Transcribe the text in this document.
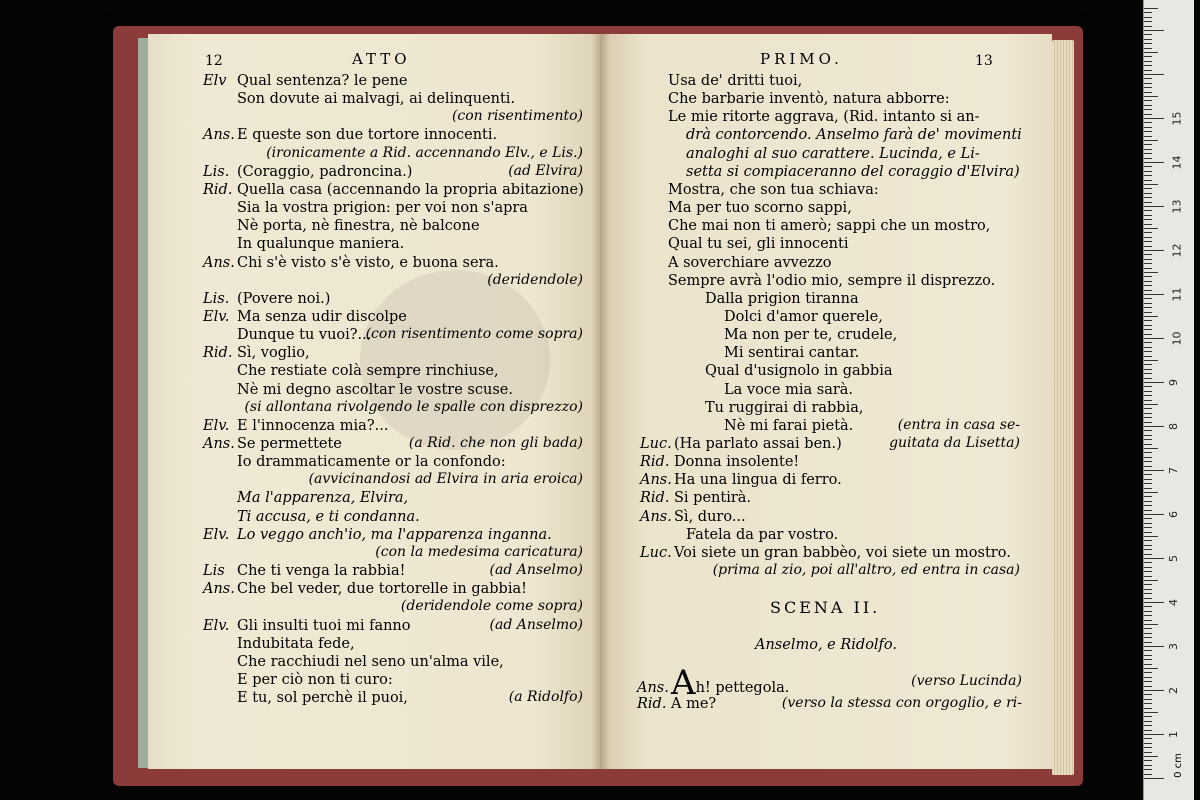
12	ATTO	PRIMO.	13
Elv Qual sentenza? le pene
Son dovute ai malvagi, ai delinquenti.
(con risentimento)
Ans. E queste son due tortore innocenti.
(ironicamente a Rid. accennando Elv., e Lis.)
Lis. (Coraggio, padroncina.)	(ad Elvira)
Rid. Quella casa (accennando la propria abitazione)
Sia la vostra prigion: per voi non s'apra
Nè porta, nè finestra, nè balcone
In qualunque maniera.
Ans. Chi s'è visto s'è visto, e buona sera.
(deridendole)
Lis. (Povere noi.)
Elv. Ma senza udir discolpe
Dunque tu vuoi?...
(con risentimento come sopra)
Rid. Sì, voglio,
Che restiate colà sempre rinchiuse,
Nè mi degno ascoltar le vostre scuse.
(si allontana rivolgendo le spalle con disprezzo)
Elv. E l'innocenza mia?...
Ans. Se permettete	(a Rid. che non gli bada)
Io drammaticamente or la confondo:
(avvicinandosi ad Elvira in aria eroica)
Ma l'apparenza, Elvira,
Ti accusa, e ti condanna.
Elv. Lo veggo anch'io, ma l'apparenza inganna.
(con la medesima caricatura)
Lis Che ti venga la rabbia!	(ad Anselmo)
Ans. Che bel veder, due tortorelle in gabbia!
(deridendole come sopra)
Elv. Gli insulti tuoi mi fanno	(ad Anselmo)
Indubitata fede,
Che racchiudi nel seno un'alma vile,
E per ciò non ti curo:
E tu, sol perchè il puoi,	(a Ridolfo)
Usa de' dritti tuoi,
Che barbarie inventò, natura abborre:
Le mie ritorte aggrava, (Rid. intanto si an-
drà contorcendo. Anselmo farà de' movimenti
analoghi al suo carattere. Lucinda, e Li-
setta si compiaceranno del coraggio d'Elvira)
Mostra, che son tua schiava:
Ma per tuo scorno sappi,
Che mai non ti amerò; sappi che un mostro,
Qual tu sei, gli innocenti
A soverchiare avvezzo
Sempre avrà l'odio mio, sempre il disprezzo.
Dalla prigion tiranna
Dolci d'amor querele,
Ma non per te, crudele,
Mi sentirai cantar.
Qual d'usignolo in gabbia
La voce mia sarà.
Tu ruggirai di rabbia,
Nè mi farai pietà.	(entra in casa se-
Luc. (Ha parlato assai ben.)	guitata da Lisetta)
Rid. Donna insolente!
Ans. Ha una lingua di ferro.
Rid. Si pentirà.
Ans. Sì, duro...
Fatela da par vostro.
Luc. Voi siete un gran babbèo, voi siete un mostro.
(prima al zio, poi all'altro, ed entra in casa)
SCENA II.
Anselmo, e Ridolfo.
Ans.Ah! pettegola.	(verso Lucinda)
Rid. A me?	(verso la stessa con orgoglio, e ri-
0 cm
1
2
3
4
5
6
7
8
9
10
11
12
13
14
15
